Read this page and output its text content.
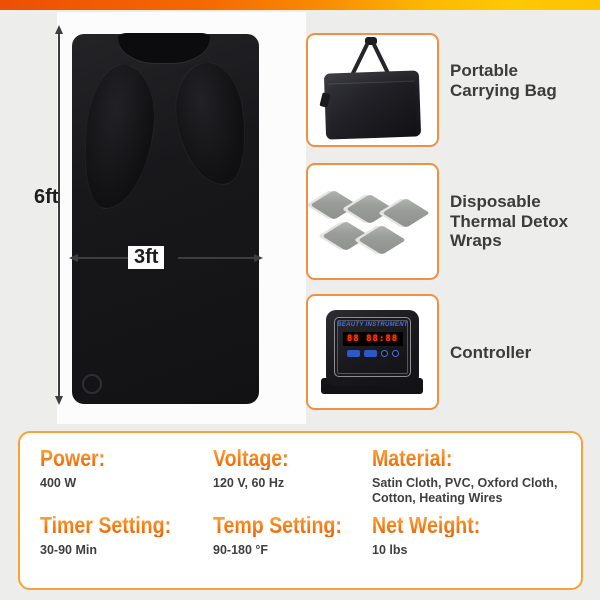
6ft
3ft
Portable Carrying Bag
Disposable Thermal Detox Wraps
BEAUTY INSTRUMENT
88 88:88
Controller
Power:
400 W
Voltage:
120 V, 60 Hz
Material:
Satin Cloth, PVC, Oxford Cloth,
Cotton, Heating Wires
Timer Setting:
30-90 Min
Temp Setting:
90-180 °F
Net Weight:
10 lbs
